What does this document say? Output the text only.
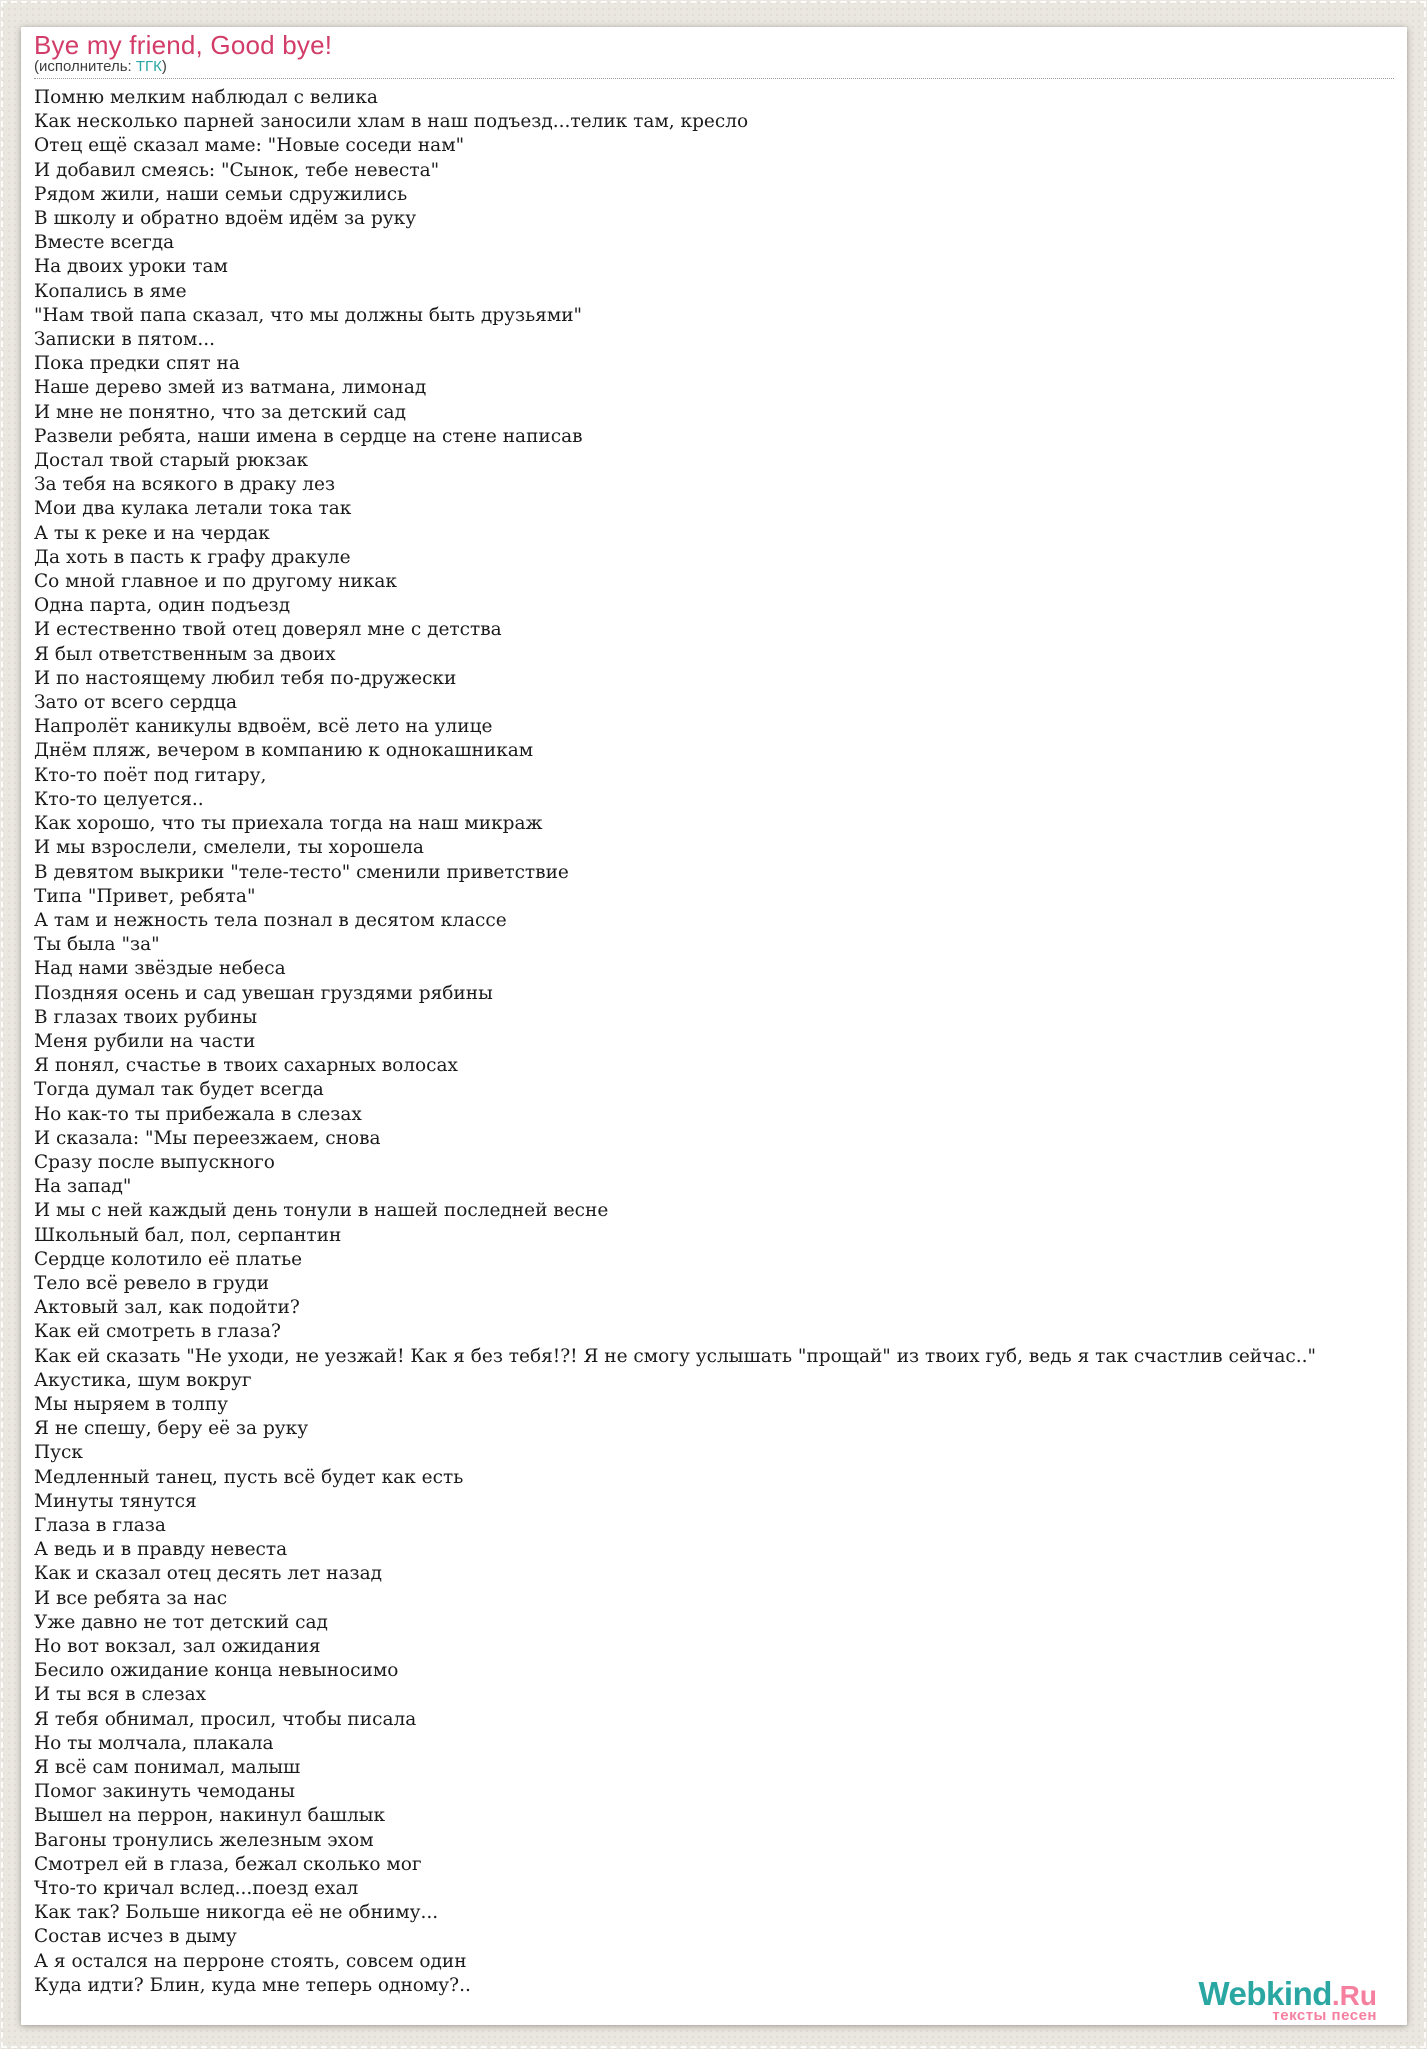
Bye my friend, Good bye!
(исполнитель: ТГК)
Помню мелким наблюдал с велика
Как несколько парней заносили хлам в наш подъезд...телик там, кресло
Отец ещё сказал маме: "Новые соседи нам"
И добавил смеясь: "Сынок, тебе невеста"
Рядом жили, наши семьи сдружились
В школу и обратно вдоём идём за руку
Вместе всегда
На двоих уроки там
Копались в яме
"Нам твой папа сказал, что мы должны быть друзьями"
Записки в пятом...
Пока предки спят на
Наше дерево змей из ватмана, лимонад
И мне не понятно, что за детский сад
Развели ребята, наши имена в сердце на стене написав
Достал твой старый рюкзак
За тебя на всякого в драку лез
Мои два кулака летали тока так
А ты к реке и на чердак
Да хоть в пасть к графу дракуле
Со мной главное и по другому никак
Одна парта, один подъезд
И естественно твой отец доверял мне с детства
Я был ответственным за двоих
И по настоящему любил тебя по-дружески
Зато от всего сердца
Напролёт каникулы вдвоём, всё лето на улице
Днём пляж, вечером в компанию к однокашникам
Кто-то поёт под гитару,
Кто-то целуется..
Как хорошо, что ты приехала тогда на наш микраж
И мы взрослели, смелели, ты хорошела
В девятом выкрики "теле-тесто" сменили приветствие
Типа "Привет, ребята"
А там и нежность тела познал в десятом классе
Ты была "за"
Над нами звёздые небеса
Поздняя осень и сад увешан груздями рябины
В глазах твоих рубины
Меня рубили на части
Я понял, счастье в твоих сахарных волосах
Тогда думал так будет всегда
Но как-то ты прибежала в слезах
И сказала: "Мы переезжаем, снова
Сразу после выпускного
На запад"
И мы с ней каждый день тонули в нашей последней весне
Школьный бал, пол, серпантин
Сердце колотило её платье
Тело всё ревело в груди
Актовый зал, как подойти?
Как ей смотреть в глаза?
Как ей сказать "Не уходи, не уезжай! Как я без тебя!?! Я не смогу услышать "прощай" из твоих губ, ведь я так счастлив сейчас.."
Акустика, шум вокруг
Мы ныряем в толпу
Я не спешу, беру её за руку
Пуск
Медленный танец, пусть всё будет как есть
Минуты тянутся
Глаза в глаза
А ведь и в правду невеста
Как и сказал отец десять лет назад
И все ребята за нас
Уже давно не тот детский сад
Но вот вокзал, зал ожидания
Бесило ожидание конца невыносимо
И ты вся в слезах
Я тебя обнимал, просил, чтобы писала
Но ты молчала, плакала
Я всё сам понимал, малыш
Помог закинуть чемоданы
Вышел на перрон, накинул башлык
Вагоны тронулись железным эхом
Смотрел ей в глаза, бежал сколько мог
Что-то кричал вслед...поезд ехал
Как так? Больше никогда её не обниму...
Состав исчез в дыму
А я остался на перроне стоять, совсем один
Куда идти? Блин, куда мне теперь одному?..	Webkind.Ru
тексты песен
